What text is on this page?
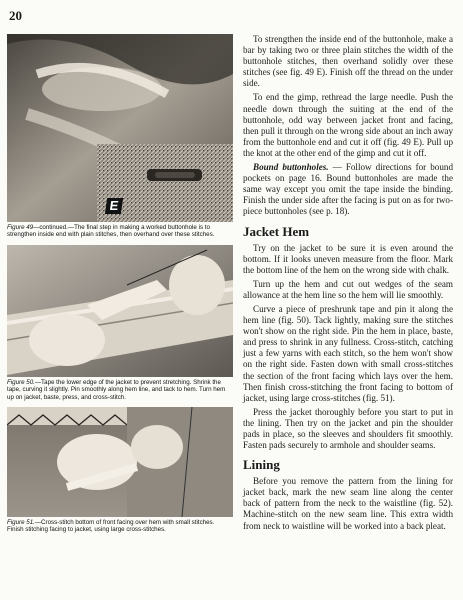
20
E

Figure 49—continued.—The final step in making a worked buttonhole is to strengthen inside end with plain stitches, then overhand over these stitches.

Figure 50.—Tape the lower edge of the jacket to prevent stretching. Shrink the tape, curving it slightly. Pin smoothly along hem line, and tack to hem. Turn hem up on jacket, baste, press, and cross-stitch.

Figure 51.—Cross-stitch bottom of front facing over hem with small stitches. Finish stitching facing to jacket, using large cross-stitches.

To strengthen the inside end of the buttonhole, make a bar by taking two or three plain stitches the width of the buttonhole stitches, then overhand solidly over these stitches (see fig. 49 E). Finish off the thread on the under side.

To end the gimp, rethread the large needle. Push the needle down through the suiting at the end of the buttonhole, odd way between jacket front and facing, then pull it through on the wrong side about an inch away from the buttonhole end and cut it off (fig. 49 E). Pull up the knot at the other end of the gimp and cut it off.

Bound buttonholes. — Follow directions for bound pockets on page 16. Bound buttonholes are made the same way except you omit the tape inside the binding. Finish the under side after the facing is put on as for two-piece buttonholes (see p. 18).

Jacket Hem

Try on the jacket to be sure it is even around the bottom. If it looks uneven measure from the floor. Mark the bottom line of the hem on the wrong side with chalk.

Turn up the hem and cut out wedges of the seam allowance at the hem line so the hem will lie smoothly.

Curve a piece of preshrunk tape and pin it along the hem line (fig. 50). Tack lightly, making sure the stitches won't show on the right side. Pin the hem in place, baste, and press to shrink in any fullness. Cross-stitch, catching just a few yarns with each stitch, so the hem won't show on the right side. Fasten down with small cross-stitches the section of the front facing which lays over the hem. Then finish cross-stitching the front facing to bottom of jacket, using large cross-stitches (fig. 51).

Press the jacket thoroughly before you start to put in the lining. Then try on the jacket and pin the shoulder pads in place, so the sleeves and shoulders fit smoothly. Fasten pads securely to armhole and shoulder seams.

Lining

Before you remove the pattern from the lining for jacket back, mark the new seam line along the center back of pattern from the neck to the waistline (fig. 52). Machine-stitch on the new seam line. This extra width from neck to waistline will be worked into a back pleat.
